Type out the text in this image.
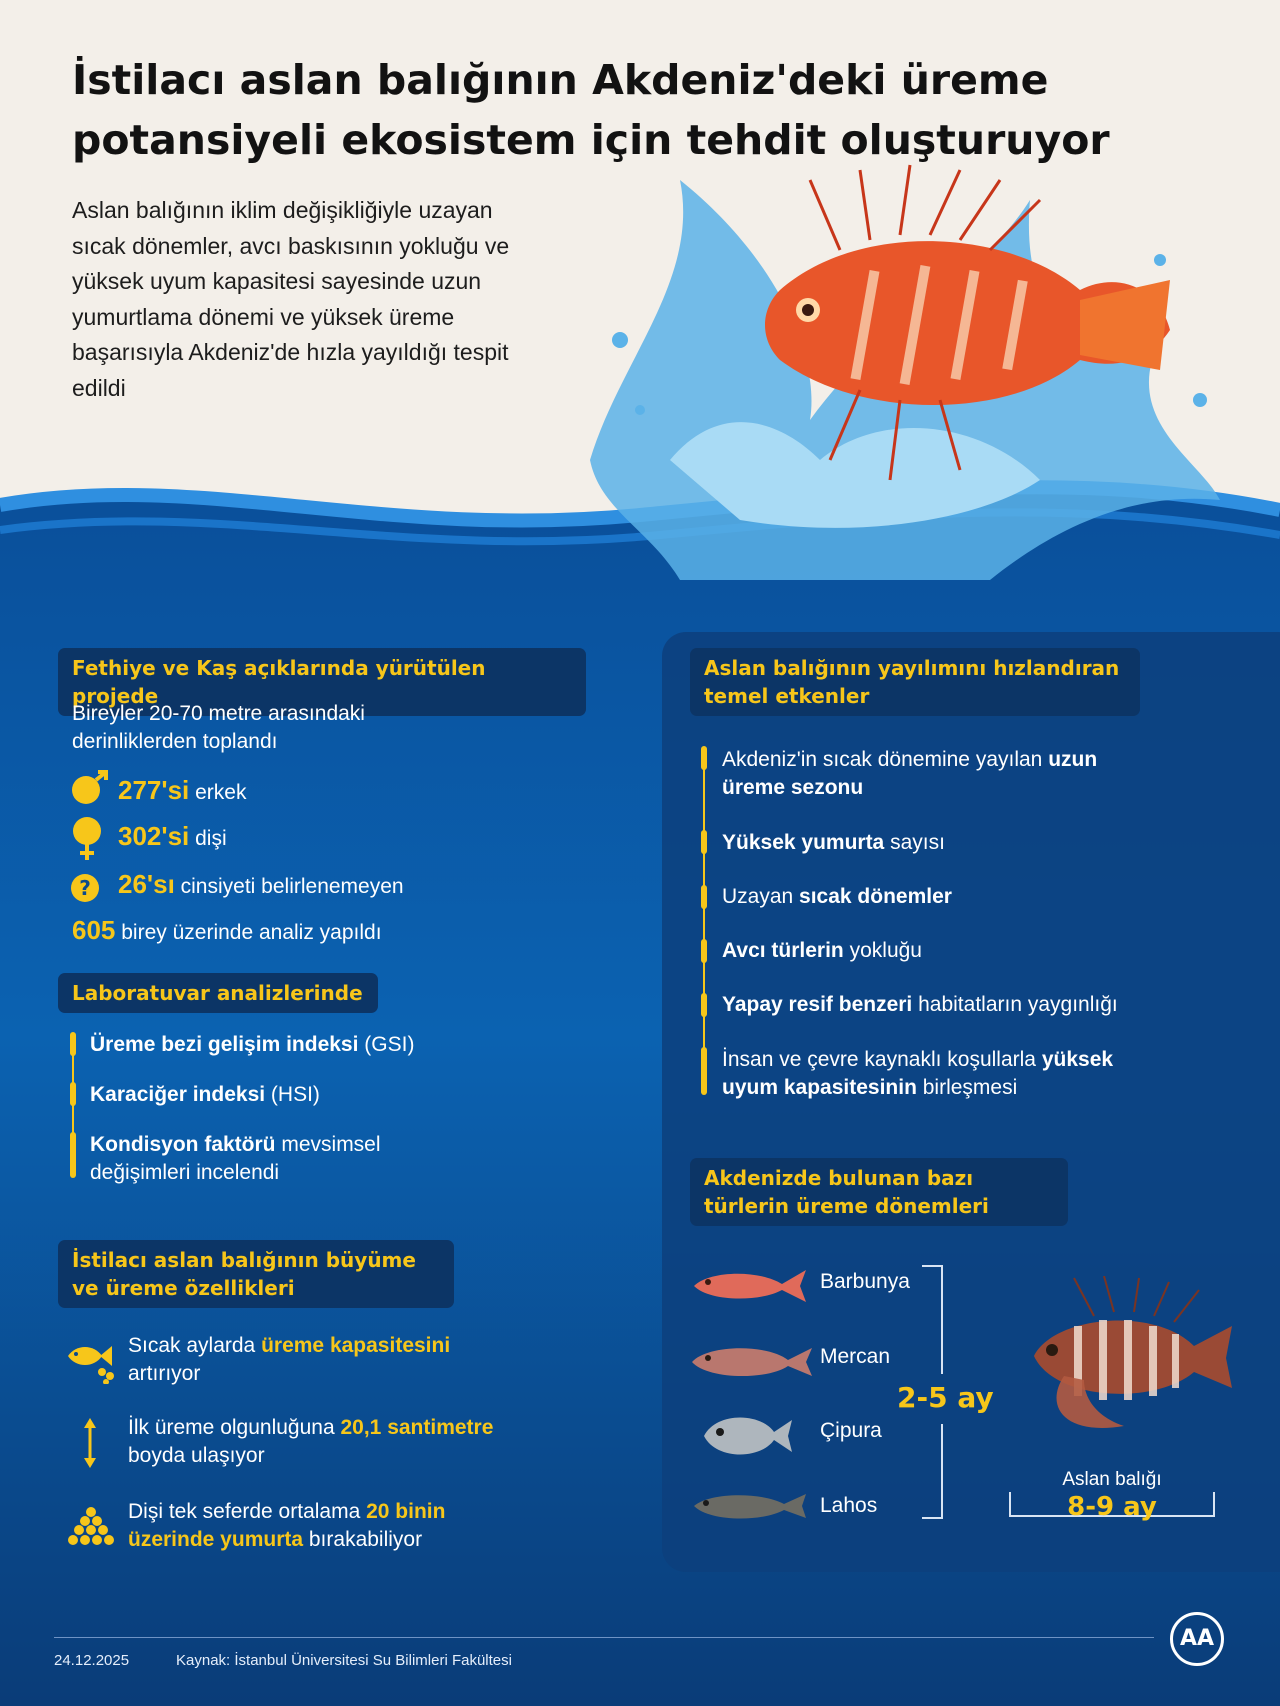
İstilacı aslan balığının Akdeniz'deki üreme potansiyeli ekosistem için tehdit oluşturuyor

Aslan balığının iklim değişikliğiyle uzayan sıcak dönemler, avcı baskısının yokluğu ve yüksek uyum kapasitesi sayesinde uzun yumurtlama dönemi ve yüksek üreme başarısıyla Akdeniz'de hızla yayıldığı tespit edildi

Fethiye ve Kaş açıklarında yürütülen projede
Bireyler 20-70 metre arasındaki derinliklerden toplandı
277'si erkek
302'si dişi
? 26'sı cinsiyeti belirlenemeyen
605 birey üzerinde analiz yapıldı
Laboratuvar analizlerinde
Üreme bezi gelişim indeksi (GSI)
Karaciğer indeksi (HSI)
Kondisyon faktörü mevsimsel değişimleri incelendi
İstilacı aslan balığının büyüme ve üreme özellikleri
Sıcak aylarda üreme kapasitesini artırıyor
İlk üreme olgunluğuna 20,1 santimetre boyda ulaşıyor
Dişi tek seferde ortalama 20 binin üzerinde yumurta bırakabiliyor
Aslan balığının yayılımını hızlandıran temel etkenler
Akdeniz'in sıcak dönemine yayılan uzun üreme sezonu
Yüksek yumurta sayısı
Uzayan sıcak dönemler
Avcı türlerin yokluğu
Yapay resif benzeri habitatların yaygınlığı
İnsan ve çevre kaynaklı koşullarla yüksek uyum kapasitesinin birleşmesi
Akdenizde bulunan bazı türlerin üreme dönemleri
Barbunya
Mercan
Çipura
Lahos
2-5 ay
Aslan balığı
8-9 ay
24.12.2025	Kaynak: İstanbul Üniversitesi Su Bilimleri Fakültesi
AA
